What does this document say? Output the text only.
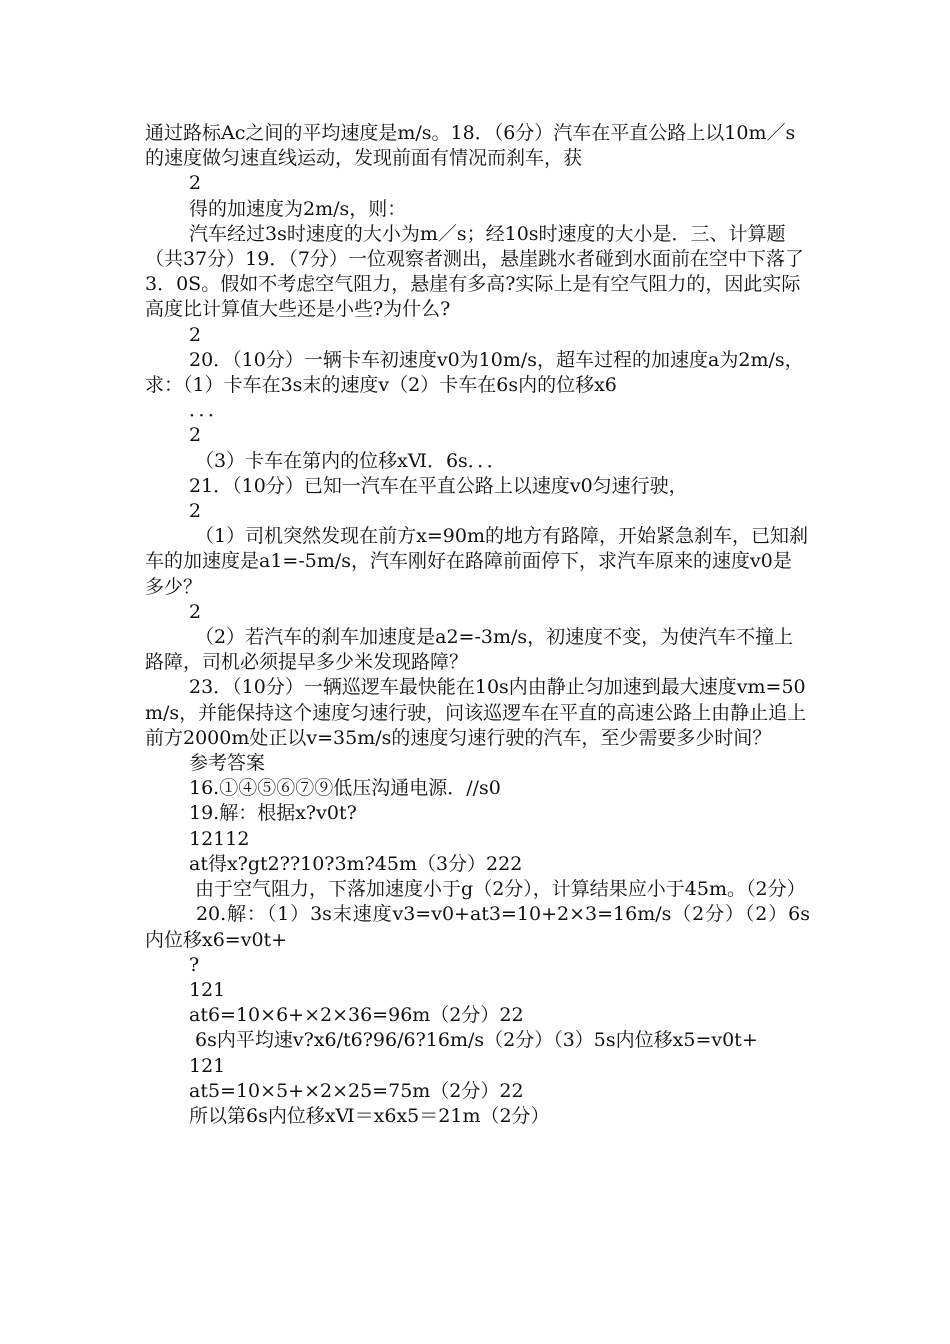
通过路标Ac之间的平均速度是m/s。18．（6分）汽车在平直公路上以10m／s的速度做匀速直线运动，发现前面有情况而刹车，获

2

得的加速度为2m/s，则：

汽车经过3s时速度的大小为m／s；经10s时速度的大小是．三、计算题（共37分）19．（7分）一位观察者测出，悬崖跳水者碰到水面前在空中下落了3．0S。假如不考虑空气阻力，悬崖有多高?实际上是有空气阻力的，因此实际高度比计算值大些还是小些?为什么?

2

20．（10分）一辆卡车初速度v0为10m/s，超车过程的加速度a为2m/s，求：（1）卡车在3s末的速度v（2）卡车在6s内的位移x6

．．．

2

（3）卡车在第内的位移xⅥ．6s．．．

21．（10分）已知一汽车在平直公路上以速度v0匀速行驶，

2

（1）司机突然发现在前方x=90m的地方有路障，开始紧急刹车，已知刹车的加速度是a1=-5m/s，汽车刚好在路障前面停下，求汽车原来的速度v0是多少？

2

（2）若汽车的刹车加速度是a2=-3m/s，初速度不变，为使汽车不撞上路障，司机必须提早多少米发现路障？

23．（10分）一辆巡逻车最快能在10s内由静止匀加速到最大速度vm=50m/s，并能保持这个速度匀速行驶，问该巡逻车在平直的高速公路上由静止追上前方2000m处正以v=35m/s的速度匀速行驶的汽车，至少需要多少时间？

参考答案

16.①④⑤⑥⑦⑨低压沟通电源．//s0

19.解：根据x?v0t?

12112

at得x?gt2??10?3m?45m（3分）222

由于空气阻力，下落加速度小于g（2分），计算结果应小于45m。（2分）

20.解：（1）3s末速度v3=v0+at3=10+2×3=16m/s（2分）（2）6s内位移x6=v0t+

?

121

at6=10×6+×2×36=96m（2分）22

6s内平均速v?x6/t6?96/6?16m/s（2分）（3）5s内位移x5=v0t+

121

at5=10×5+×2×25=75m（2分）22

所以第6s内位移xⅥ＝x6x5＝21m（2分）
